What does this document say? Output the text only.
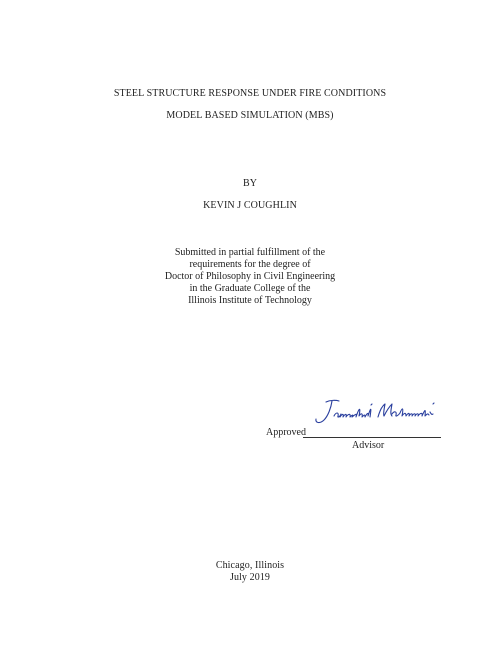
STEEL STRUCTURE RESPONSE UNDER FIRE CONDITIONS
MODEL BASED SIMULATION (MBS)
BY
KEVIN J COUGHLIN
Submitted in partial fulfillment of the
requirements for the degree of
Doctor of Philosophy in Civil Engineering
in the Graduate College of the
Illinois Institute of Technology
Approved
Advisor
Chicago, Illinois
July 2019
